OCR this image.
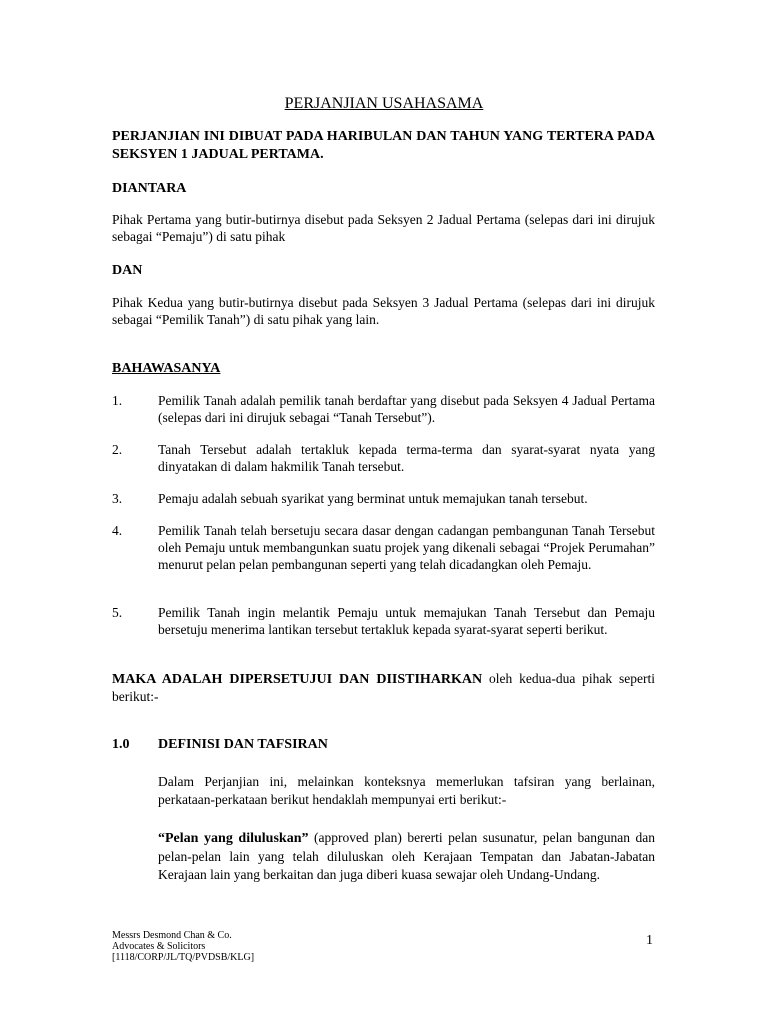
PERJANJIAN USAHASAMA
PERJANJIAN INI DIBUAT PADA HARIBULAN DAN TAHUN YANG TERTERA PADA SEKSYEN 1 JADUAL PERTAMA.
DIANTARA
Pihak Pertama yang butir-butirnya disebut pada Seksyen 2 Jadual Pertama (selepas dari ini dirujuk sebagai “Pemaju”) di satu pihak
DAN
Pihak Kedua yang butir-butirnya disebut pada Seksyen 3 Jadual Pertama (selepas dari ini dirujuk sebagai “Pemilik Tanah”) di satu pihak yang lain.
BAHAWASANYA
1.	Pemilik Tanah adalah pemilik tanah berdaftar yang disebut pada Seksyen 4 Jadual Pertama (selepas dari ini dirujuk sebagai “Tanah Tersebut”).
2.	Tanah Tersebut adalah tertakluk kepada terma-terma dan syarat-syarat nyata yang dinyatakan di dalam hakmilik Tanah tersebut.
3.	Pemaju adalah sebuah syarikat yang berminat untuk memajukan tanah tersebut.
4.	Pemilik Tanah telah bersetuju secara dasar dengan cadangan pembangunan Tanah Tersebut oleh Pemaju untuk membangunkan suatu projek yang dikenali sebagai “Projek Perumahan” menurut pelan pelan pembangunan seperti yang telah dicadangkan oleh Pemaju.
5.	Pemilik Tanah ingin melantik Pemaju untuk memajukan Tanah Tersebut dan Pemaju bersetuju menerima lantikan tersebut tertakluk kepada syarat-syarat seperti berikut.
MAKA ADALAH DIPERSETUJUI DAN DIISTIHARKAN oleh kedua-dua pihak seperti berikut:-
1.0 DEFINISI DAN TAFSIRAN
Dalam Perjanjian ini, melainkan konteksnya memerlukan tafsiran yang berlainan, perkataan-perkataan berikut hendaklah mempunyai erti berikut:-
“Pelan yang diluluskan” (approved plan) bererti pelan susunatur, pelan bangunan dan pelan-pelan lain yang telah diluluskan oleh Kerajaan Tempatan dan Jabatan-Jabatan Kerajaan lain yang berkaitan dan juga diberi kuasa sewajar oleh Undang-Undang.
Messrs Desmond Chan & Co.
Advocates & Solicitors
[1118/CORP/JL/TQ/PVDSB/KLG]
1
